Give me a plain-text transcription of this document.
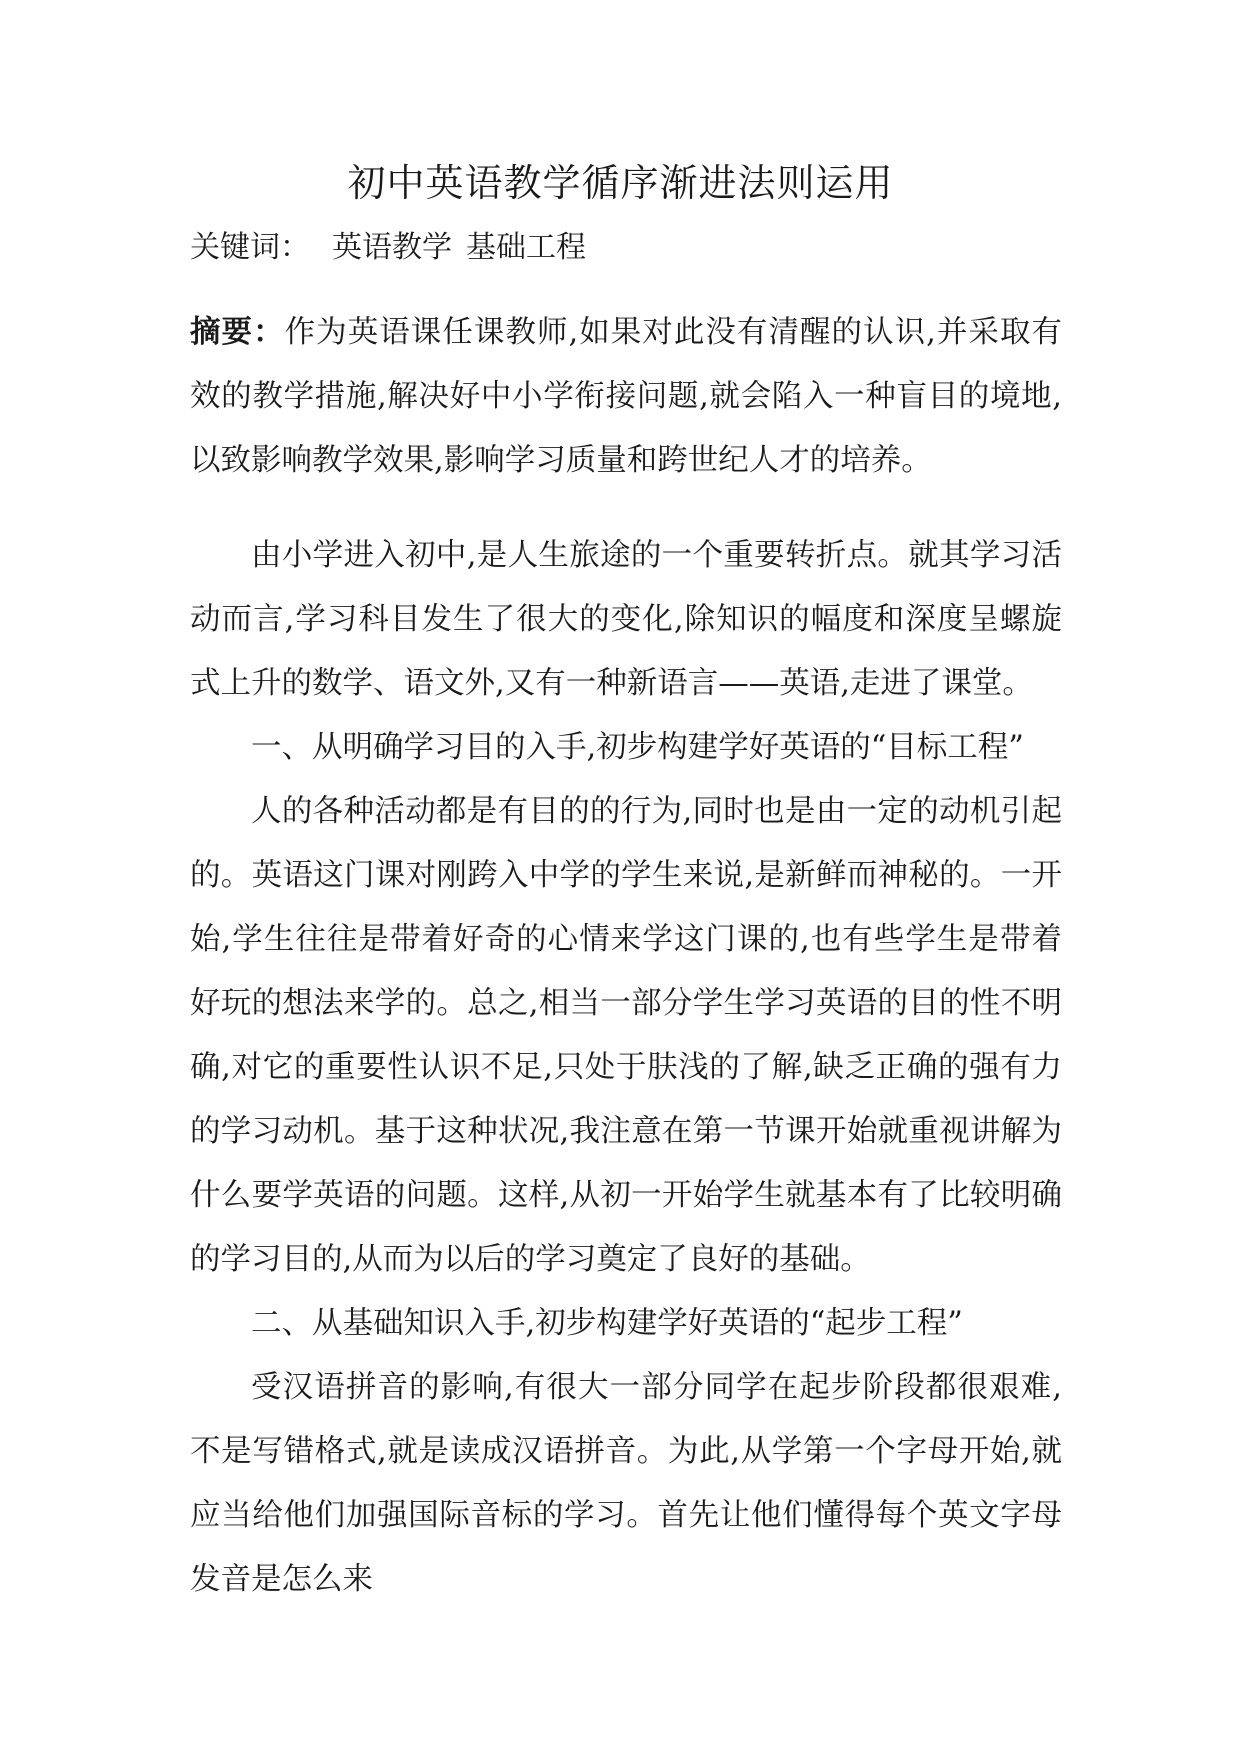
初中英语教学循序渐进法则运用
关键词： 英语教学 基础工程
摘要：作为英语课任课教师,如果对此没有清醒的认识,并采取有效的教学措施,解决好中小学衔接问题,就会陷入一种盲目的境地,以致影响教学效果,影响学习质量和跨世纪人才的培养。

由小学进入初中,是人生旅途的一个重要转折点。就其学习活动而言,学习科目发生了很大的变化,除知识的幅度和深度呈螺旋式上升的数学、语文外,又有一种新语言——英语,走进了课堂。

一、从明确学习目的入手,初步构建学好英语的“目标工程”

人的各种活动都是有目的的行为,同时也是由一定的动机引起的。英语这门课对刚跨入中学的学生来说,是新鲜而神秘的。一开始,学生往往是带着好奇的心情来学这门课的,也有些学生是带着好玩的想法来学的。总之,相当一部分学生学习英语的目的性不明确,对它的重要性认识不足,只处于肤浅的了解,缺乏正确的强有力的学习动机。基于这种状况,我注意在第一节课开始就重视讲解为什么要学英语的问题。这样,从初一开始学生就基本有了比较明确的学习目的,从而为以后的学习奠定了良好的基础。

二、从基础知识入手,初步构建学好英语的“起步工程”

受汉语拼音的影响,有很大一部分同学在起步阶段都很艰难,不是写错格式,就是读成汉语拼音。为此,从学第一个字母开始,就应当给他们加强国际音标的学习。首先让他们懂得每个英文字母发音是怎么来
